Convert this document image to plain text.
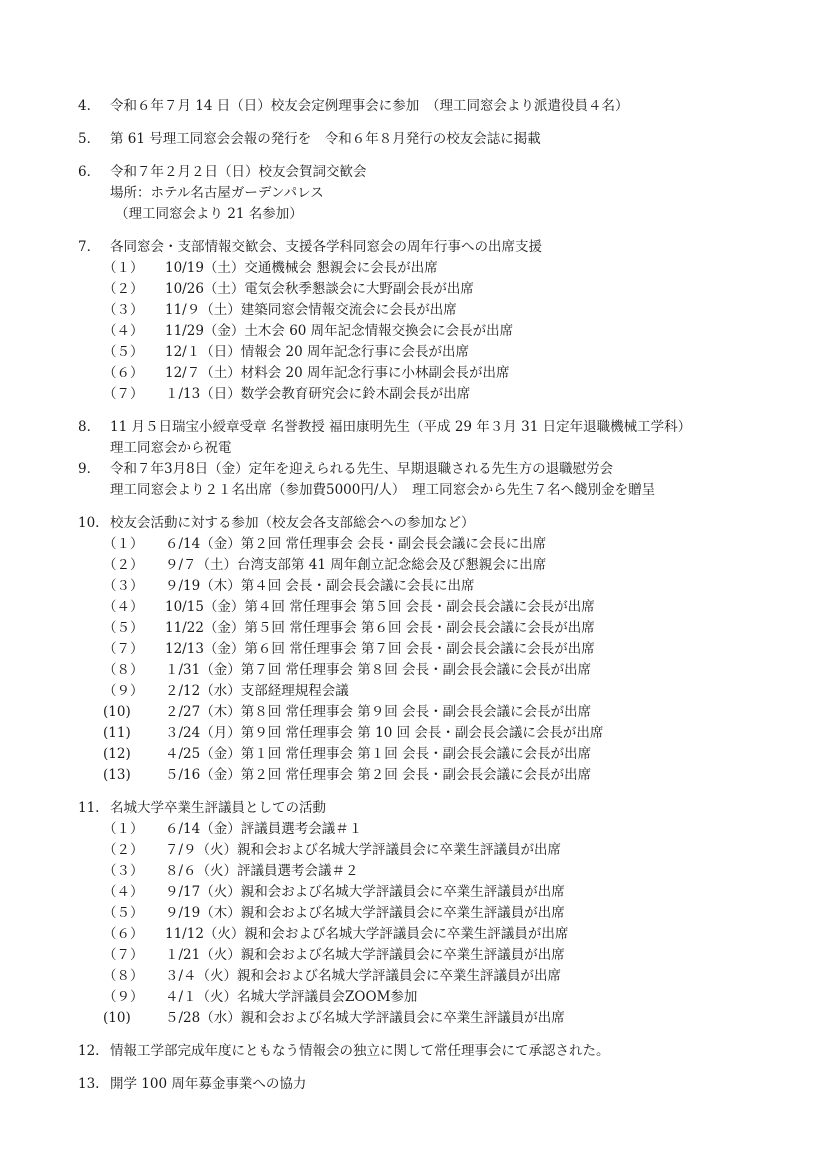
4． 令和６年７月 14 日（日）校友会定例理事会に参加　（理工同窓会より派遣役員４名）
5． 第 61 号理工同窓会会報の発行を　令和６年８月発行の校友会誌に掲載
6． 令和７年２月２日（日）校友会賀詞交歓会
場所：ホテル名古屋ガーデンパレス
（理工同窓会より 21 名参加）
7． 各同窓会・支部情報交歓会、支援各学科同窓会の周年行事への出席支援
（１）	10/19（土）交通機械会 懇親会に会長が出席
（２）	10/26（土）電気会秋季懇談会に大野副会長が出席
（３）	11/９（土）建築同窓会情報交流会に会長が出席
（４）	11/29（金）土木会 60 周年記念情報交換会に会長が出席
（５）	12/１（日）情報会 20 周年記念行事に会長が出席
（６）	12/７（土）材料会 20 周年記念行事に小林副会長が出席
（７）	１/13（日）数学会教育研究会に鈴木副会長が出席
8． 11 月５日瑞宝小綬章受章 名誉教授 福田康明先生（平成 29 年３月 31 日定年退職機械工学科）
理工同窓会から祝電
9． 令和７年3月8日（金）定年を迎えられる先生、早期退職される先生方の退職慰労会
理工同窓会より２１名出席（参加費5000円/人）　理工同窓会から先生７名へ餞別金を贈呈
10. 校友会活動に対する参加（校友会各支部総会への参加など）
（１）	６/14（金）第２回 常任理事会 会長・副会長会議に会長に出席
（２）	９/７（土）台湾支部第 41 周年創立記念総会及び懇親会に出席
（３）	９/19（木）第４回 会長・副会長会議に会長に出席
（４）	10/15（金）第４回 常任理事会 第５回 会長・副会長会議に会長が出席
（５）	11/22（金）第５回 常任理事会 第６回 会長・副会長会議に会長が出席
（７）	12/13（金）第６回 常任理事会 第７回 会長・副会長会議に会長が出席
（８）	１/31（金）第７回 常任理事会 第８回 会長・副会長会議に会長が出席
（９）	２/12（水）支部経理規程会議
(10)	２/27（木）第８回 常任理事会 第９回 会長・副会長会議に会長が出席
(11)	３/24（月）第９回 常任理事会 第 10 回 会長・副会長会議に会長が出席
(12)	４/25（金）第１回 常任理事会 第１回 会長・副会長会議に会長が出席
(13)	５/16（金）第２回 常任理事会 第２回 会長・副会長会議に会長が出席
11. 名城大学卒業生評議員としての活動
（１）	６/14（金）評議員選考会議＃１
（２）	７/９（火）親和会および名城大学評議員会に卒業生評議員が出席
（３）	８/６（火）評議員選考会議＃２
（４）	９/17（火）親和会および名城大学評議員会に卒業生評議員が出席
（５）	９/19（木）親和会および名城大学評議員会に卒業生評議員が出席
（６）	11/12（火）親和会および名城大学評議員会に卒業生評議員が出席
（７）	１/21（火）親和会および名城大学評議員会に卒業生評議員が出席
（８）	３/４（火）親和会および名城大学評議員会に卒業生評議員が出席
（９）	４/１（火）名城大学評議員会ZOOM参加
(10)	５/28（水）親和会および名城大学評議員会に卒業生評議員が出席
12. 情報工学部完成年度にともなう情報会の独立に関して常任理事会にて承認された。
13. 開学 100 周年募金事業への協力
